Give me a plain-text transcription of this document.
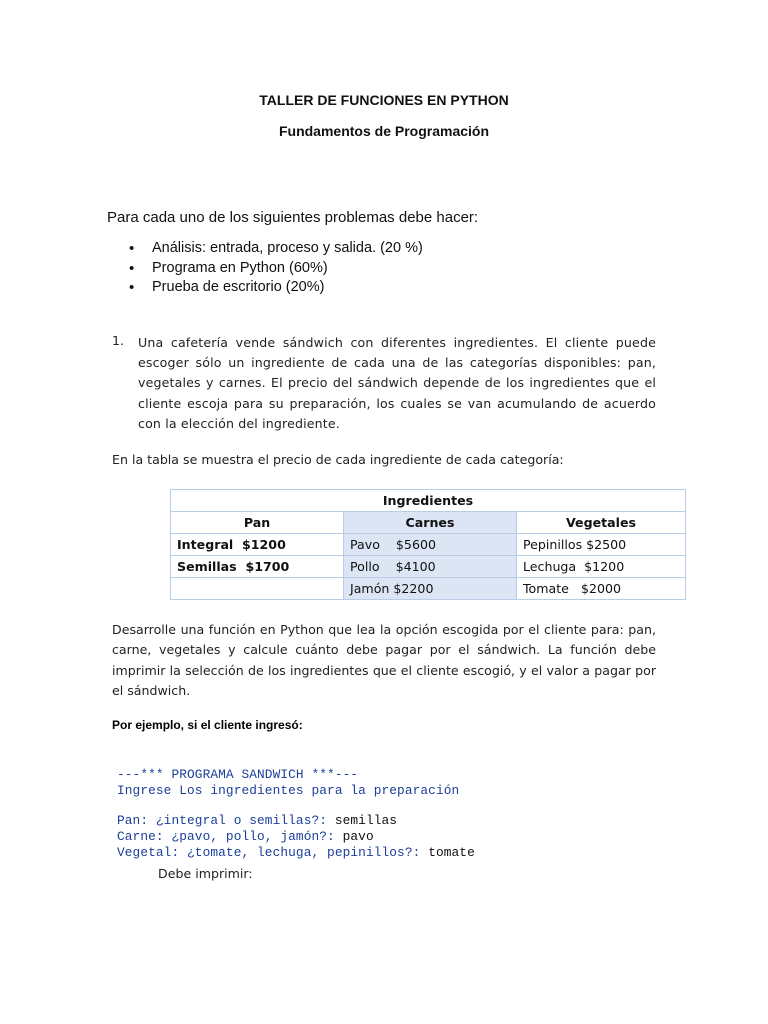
TALLER DE FUNCIONES EN PYTHON
Fundamentos de Programación
Para cada uno de los siguientes problemas debe hacer:
• Análisis: entrada, proceso y salida. (20 %)
• Programa en Python (60%)
• Prueba de escritorio (20%)
1. Una cafetería vende sándwich con diferentes ingredientes. El cliente puede escoger sólo un ingrediente de cada una de las categorías disponibles: pan, vegetales y carnes. El precio del sándwich depende de los ingredientes que el cliente escoja para su preparación, los cuales se van acumulando de acuerdo con la elección del ingrediente.
En la tabla se muestra el precio de cada ingrediente de cada categoría:
Ingredientes		
Pan	Carnes	Vegetales
Integral  $1200	Pavo    $5600	Pepinillos $2500
Semillas  $1700	Pollo    $4100	Lechuga  $1200
	Jamón $2200	Tomate   $2000
Desarrolle una función en Python que lea la opción escogida por el cliente para: pan, carne, vegetales y calcule cuánto debe pagar por el sándwich. La función debe imprimir la selección de los ingredientes que el cliente escogió, y el valor a pagar por el sándwich.
Por ejemplo, si el cliente ingresó:
---*** PROGRAMA SANDWICH ***---
Ingrese Los ingredientes para la preparación
Pan: ¿integral o semillas?: semillas
Carne: ¿pavo, pollo, jamón?: pavo
Vegetal: ¿tomate, lechuga, pepinillos?: tomate
Debe imprimir:
